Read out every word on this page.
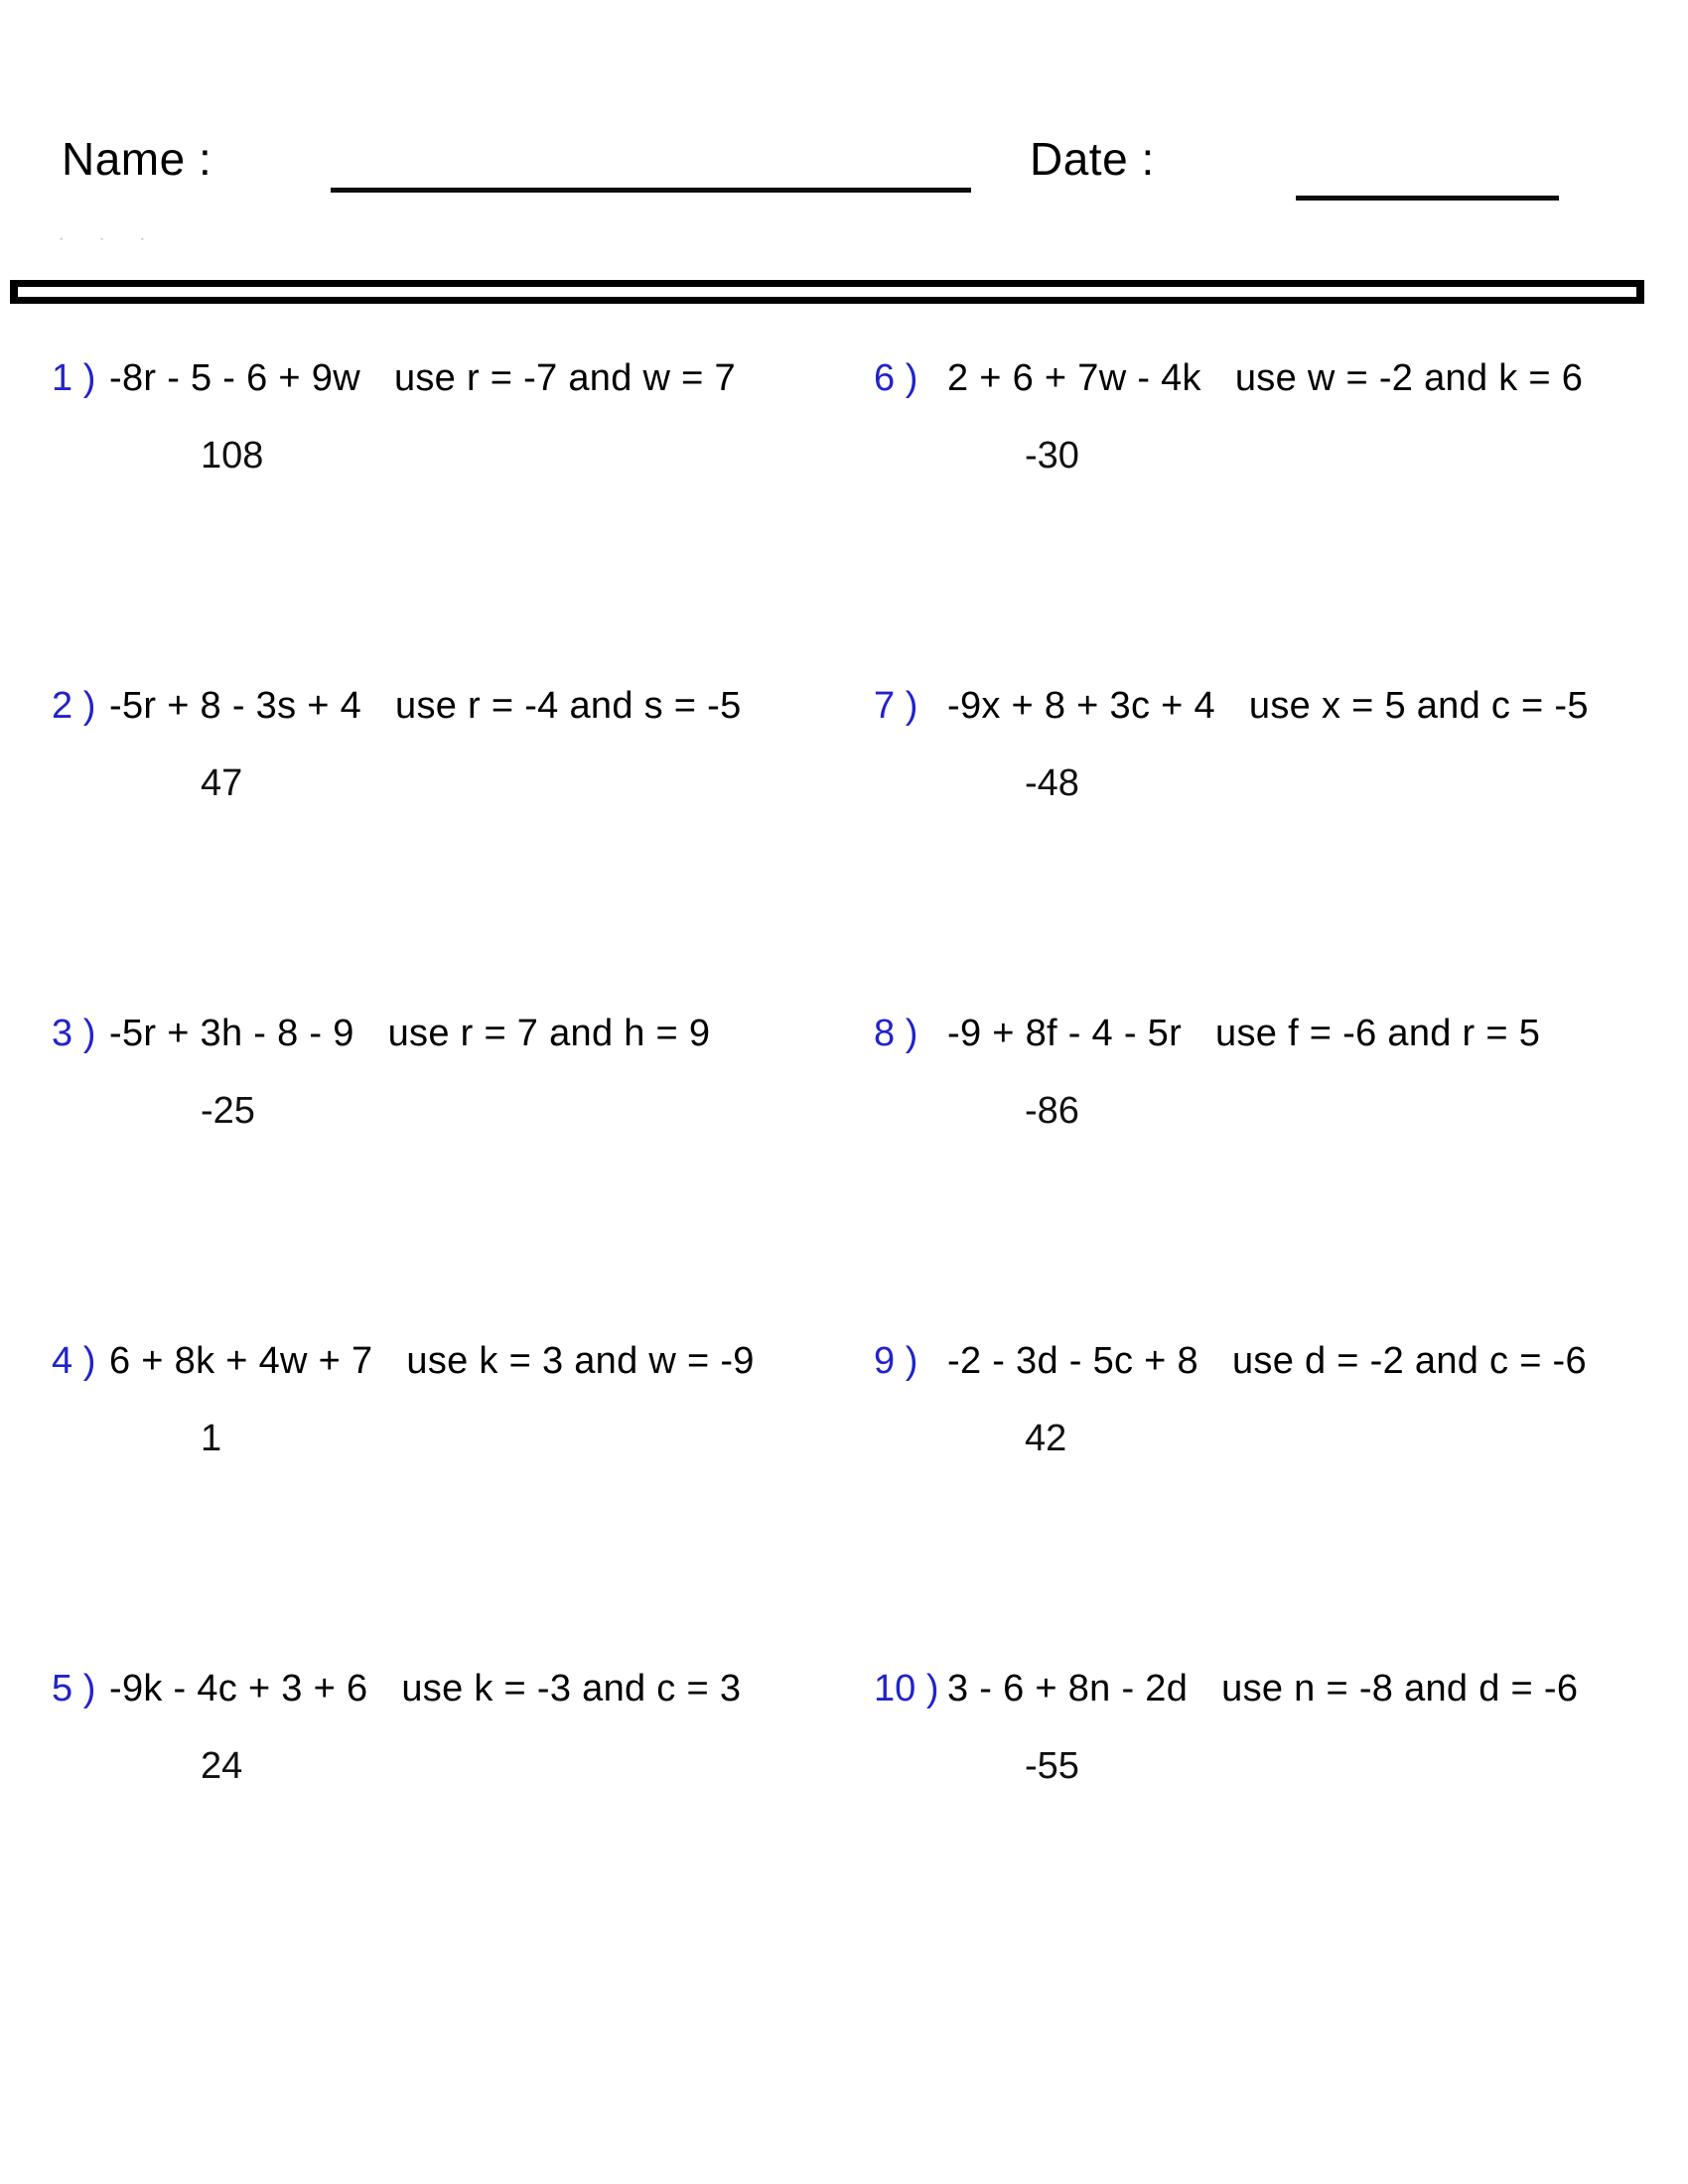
Name :	Date :
· · ·
1 ) -8r - 5 - 6 + 9w use r = -7 and w = 7
108
6 ) 2 + 6 + 7w - 4k use w = -2 and k = 6
-30
2 ) -5r + 8 - 3s + 4 use r = -4 and s = -5
47
7 ) -9x + 8 + 3c + 4 use x = 5 and c = -5
-48
3 ) -5r + 3h - 8 - 9 use r = 7 and h = 9
-25
8 ) -9 + 8f - 4 - 5r use f = -6 and r = 5
-86
4 ) 6 + 8k + 4w + 7 use k = 3 and w = -9
1
9 ) -2 - 3d - 5c + 8 use d = -2 and c = -6
42
5 ) -9k - 4c + 3 + 6 use k = -3 and c = 3
24
10 ) 3 - 6 + 8n - 2d use n = -8 and d = -6
-55
